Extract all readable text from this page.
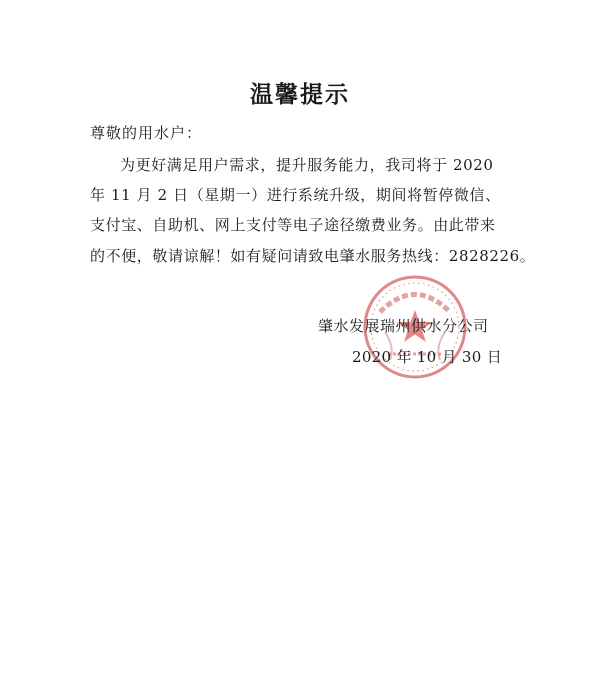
温馨提示
尊敬的用水户：
为更好满足用户需求，提升服务能力，我司将于 2020
年 11 月 2 日（星期一）进行系统升级，期间将暂停微信、
支付宝、自助机、网上支付等电子途径缴费业务。由此带来
的不便，敬请谅解！如有疑问请致电肇水服务热线：2828226。
肇水发展瑞州供水分公司
2020 年 10 月 30 日
